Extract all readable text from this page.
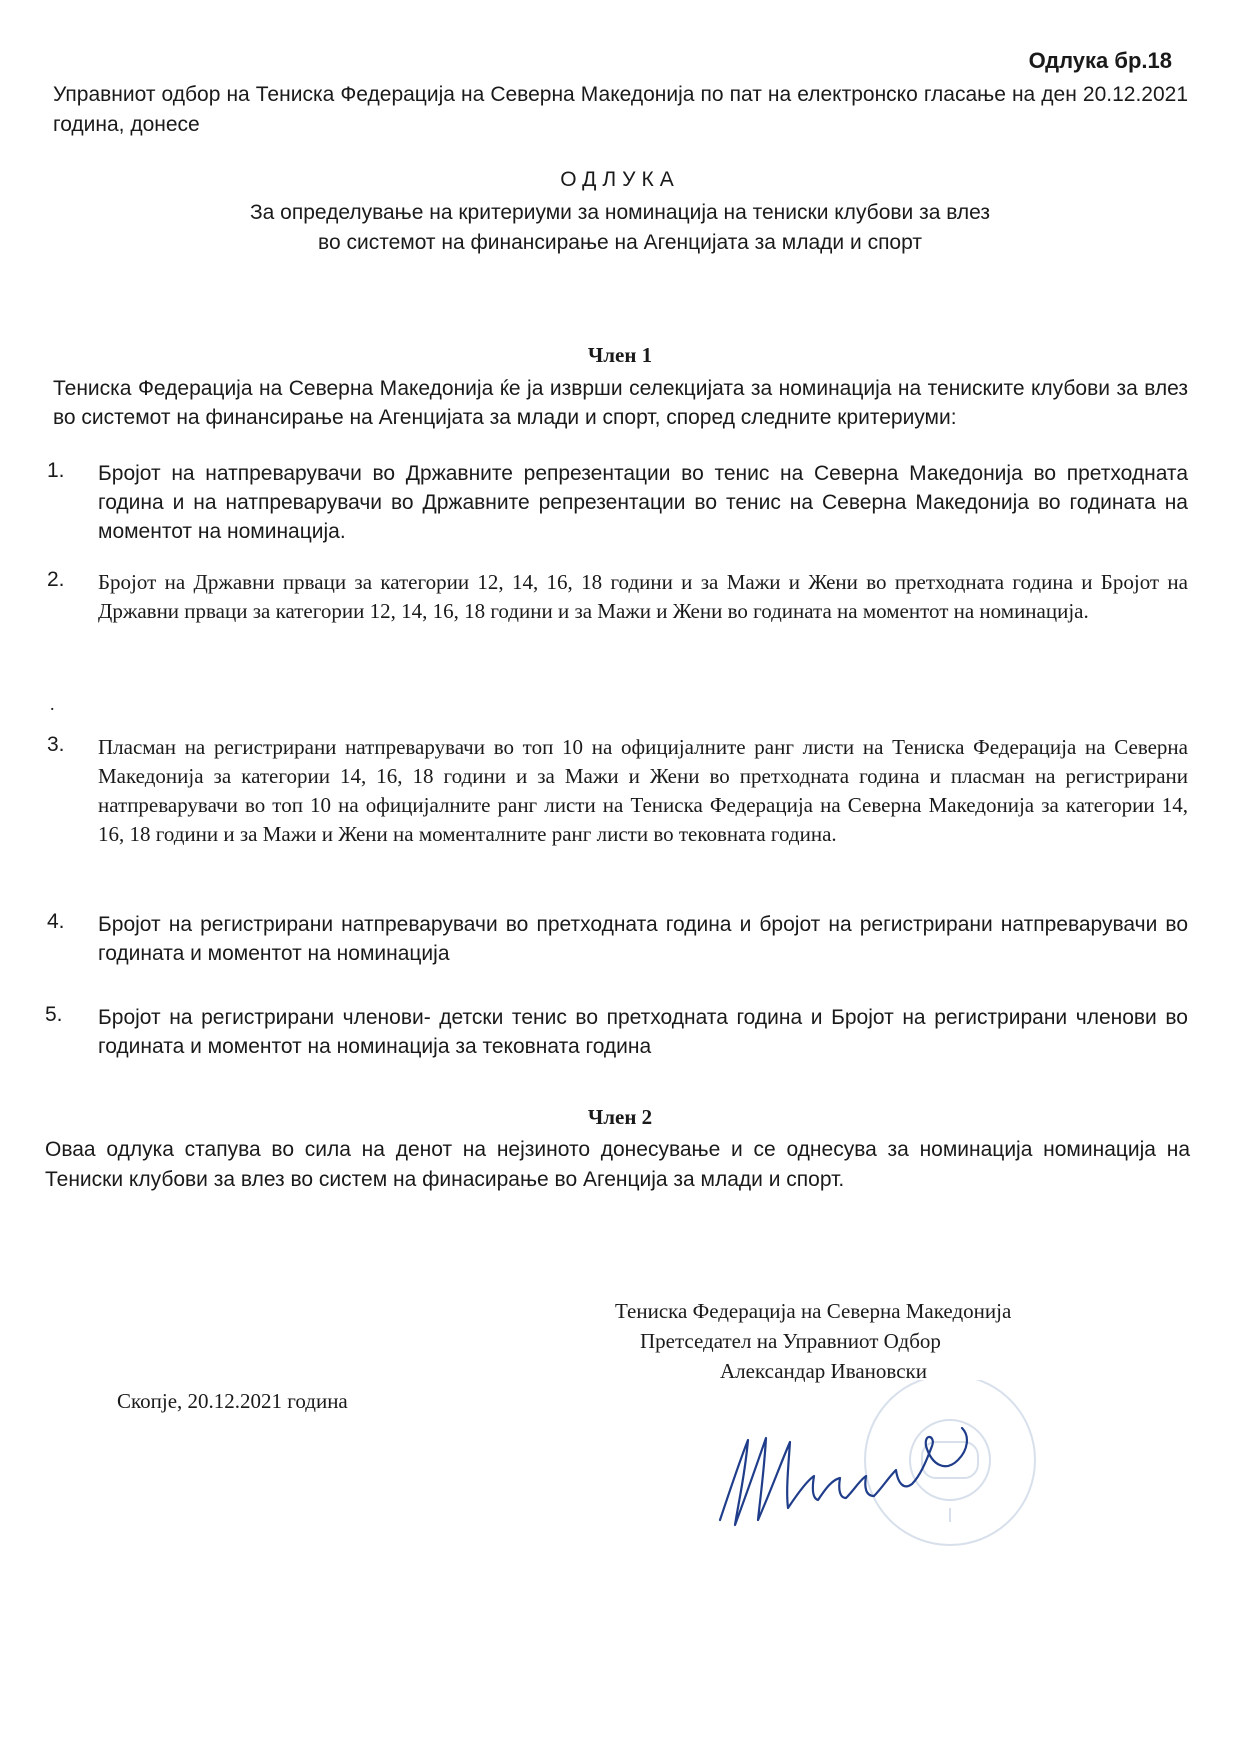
Одлука бр.18
Управниот одбор на Тениска Федерација на Северна Македонија по пат на електронско гласање на ден 20.12.2021 година, донесе
ОДЛУКА
За определување на критериуми за номинација на тениски клубови за влез
во системот на финансирање на Агенцијата за млади и спорт
Член 1
Тениска Федерација на Северна Македонија ќе ја изврши селекцијата за номинација на тениските клубови за влез во системот на финансирање на Агенцијата за млади и спорт, според следните критериуми:
1. Бројот на натпреварувачи во Државните репрезентации во тенис на Северна Македонија во претходната година и на натпреварувачи во Државните репрезентации во тенис на Северна Македонија во годината на моментот на номинација.
2. Бројот на Државни прваци за категории 12, 14, 16, 18 години и за Мажи и Жени во претходната година и Бројот на Државни прваци за категории 12, 14, 16, 18 години и за Мажи и Жени во годината на моментот на номинација.
.
3. Пласман на регистрирани натпреварувачи во топ 10 на официјалните ранг листи на Тениска Федерација на Северна Македонија за категории 14, 16, 18 години и за Мажи и Жени во претходната година и пласман на регистрирани натпреварувачи во топ 10 на официјалните ранг листи на Тениска Федерација на Северна Македонија за категории 14, 16, 18 години и за Мажи и Жени на моменталните ранг листи во тековната година.
4. Бројот на регистрирани натпреварувачи во претходната година и бројот на регистрирани натпреварувачи во годината и моментот на номинација
5. Бројот на регистрирани членови- детски тенис во претходната година и Бројот на регистрирани членови во годината и моментот на номинација за тековната година
Член 2
Оваа одлука стапува во сила на денот на нејзиното донесување и се однесува за номинација номинација на Тениски клубови за влез во систем на финасирање во Агенција за млади и спорт.
Тениска Федерација на Северна Македонија
Претседател на Управниот Одбор
Александар Ивановски
Скопје, 20.12.2021 година
